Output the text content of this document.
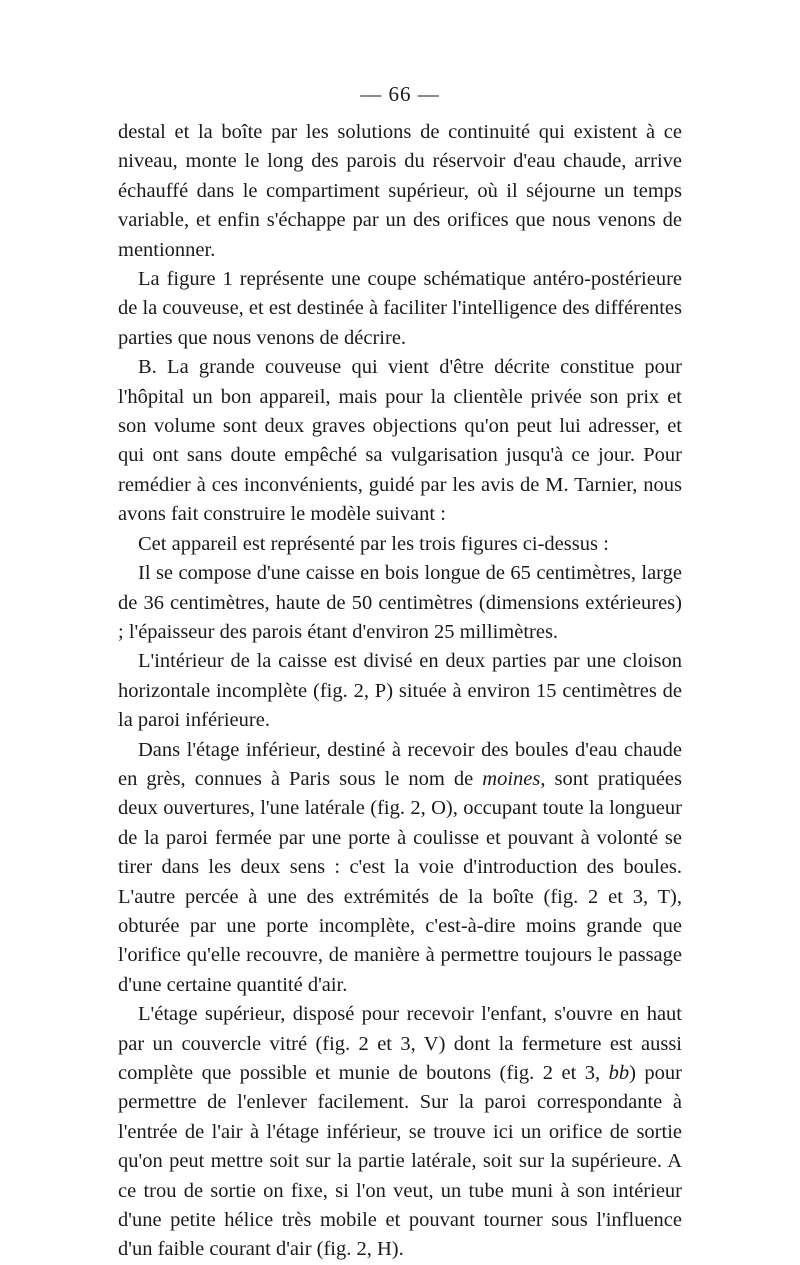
— 66 —

destal et la boîte par les solutions de continuité qui existent à ce niveau, monte le long des parois du réservoir d'eau chaude, arrive échauffé dans le compartiment supérieur, où il séjourne un temps variable, et enfin s'échappe par un des orifices que nous venons de mentionner.

La figure 1 représente une coupe schématique antéro-postérieure de la couveuse, et est destinée à faciliter l'intelligence des différentes parties que nous venons de décrire.

B. La grande couveuse qui vient d'être décrite constitue pour l'hôpital un bon appareil, mais pour la clientèle privée son prix et son volume sont deux graves objections qu'on peut lui adresser, et qui ont sans doute empêché sa vulgarisation jusqu'à ce jour. Pour remédier à ces inconvénients, guidé par les avis de M. Tarnier, nous avons fait construire le modèle suivant :

Cet appareil est représenté par les trois figures ci-dessus :

Il se compose d'une caisse en bois longue de 65 centimètres, large de 36 centimètres, haute de 50 centimètres (dimensions extérieures) ; l'épaisseur des parois étant d'environ 25 millimètres.

L'intérieur de la caisse est divisé en deux parties par une cloison horizontale incomplète (fig. 2, P) située à environ 15 centimètres de la paroi inférieure.

Dans l'étage inférieur, destiné à recevoir des boules d'eau chaude en grès, connues à Paris sous le nom de moines, sont pratiquées deux ouvertures, l'une latérale (fig. 2, O), occupant toute la longueur de la paroi fermée par une porte à coulisse et pouvant à volonté se tirer dans les deux sens : c'est la voie d'introduction des boules. L'autre percée à une des extrémités de la boîte (fig. 2 et 3, T), obturée par une porte incomplète, c'est-à-dire moins grande que l'orifice qu'elle recouvre, de manière à permettre toujours le passage d'une certaine quantité d'air.

L'étage supérieur, disposé pour recevoir l'enfant, s'ouvre en haut par un couvercle vitré (fig. 2 et 3, V) dont la fermeture est aussi complète que possible et munie de boutons (fig. 2 et 3, bb) pour permettre de l'enlever facilement. Sur la paroi correspondante à l'entrée de l'air à l'étage inférieur, se trouve ici un orifice de sortie qu'on peut mettre soit sur la partie latérale, soit sur la supérieure. A ce trou de sortie on fixe, si l'on veut, un tube muni à son intérieur d'une petite hélice très mobile et pouvant tourner sous l'influence d'un faible courant d'air (fig. 2, H).
